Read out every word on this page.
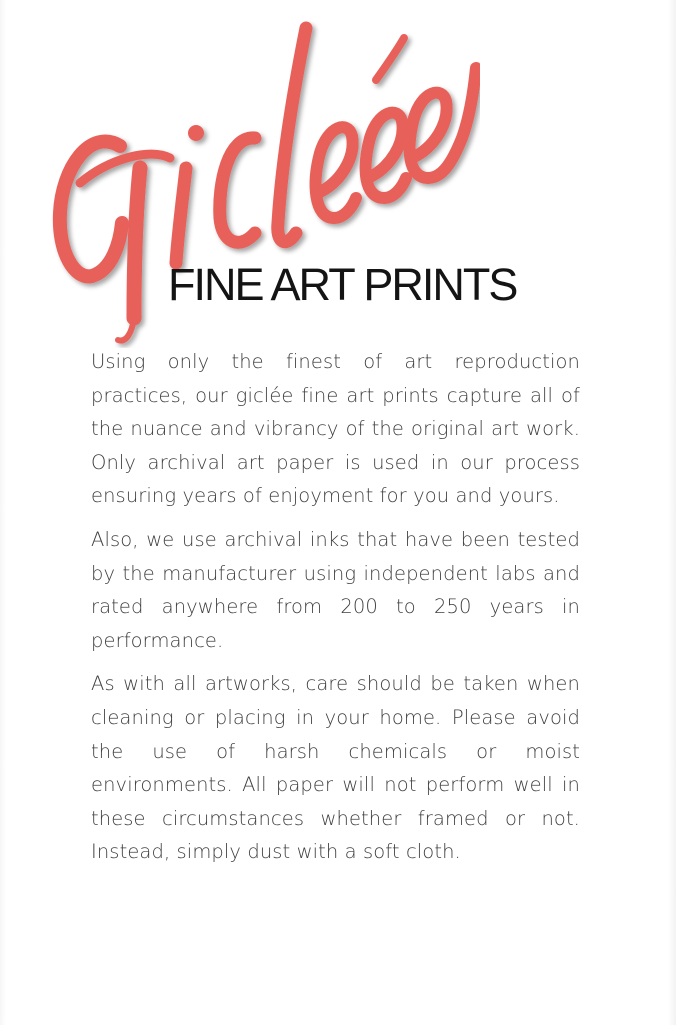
FINE ART PRINTS

Using only the finest of art reproduction practices, our giclée fine art prints capture all of the nuance and vibrancy of the original art work. Only archival art paper is used in our process ensuring years of enjoyment for you and yours.

Also, we use archival inks that have been tested by the manufacturer using independent labs and rated anywhere from 200 to 250 years in performance.

As with all artworks, care should be taken when cleaning or placing in your home. Please avoid the use of harsh chemicals or moist environments. All paper will not perform well in these circumstances whether framed or not. Instead, simply dust with a soft cloth.
